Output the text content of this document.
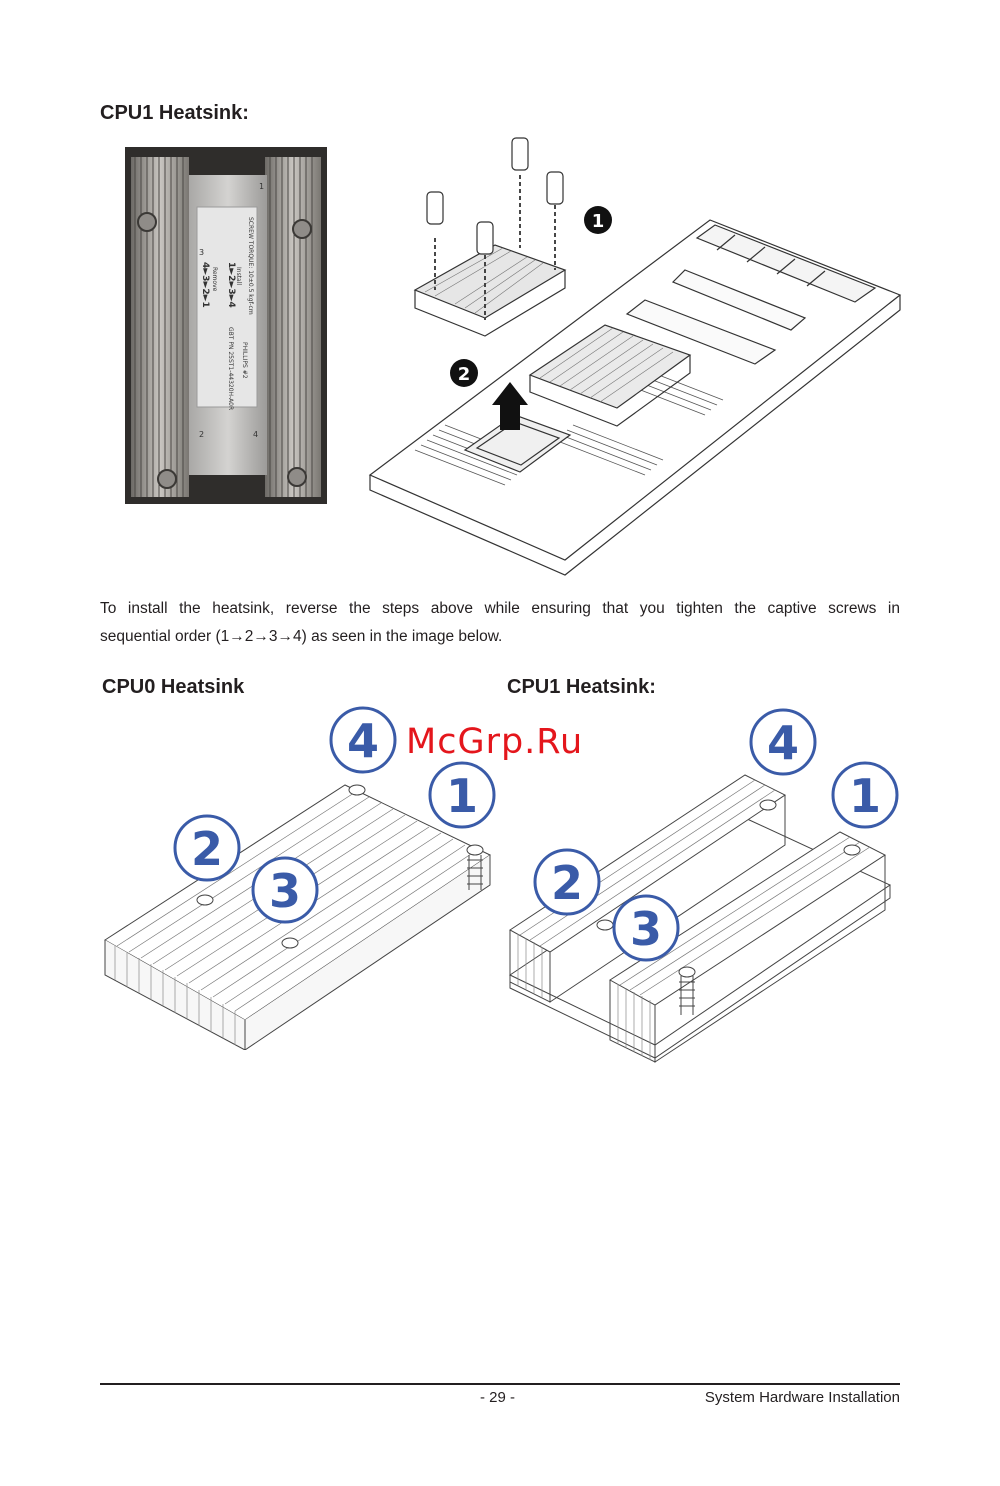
CPU1 Heatsink:
SCREW TORQUE: 10±0.5 kgf-cm
Install
1►2►3►4
Remove
4►3►2►1
PHILLIPS #2
GBT PN 25ST1-44320H-A0R
1
3
2	4
1
2
To install the heatsink, reverse the steps above while ensuring that you tighten the captive screws in
sequential order (1→2→3→4) as seen in the image below.
CPU0 Heatsink	CPU1 Heatsink:
4
1
2
3
4
1
2
3
McGrp.Ru
- 29 -	System Hardware Installation
